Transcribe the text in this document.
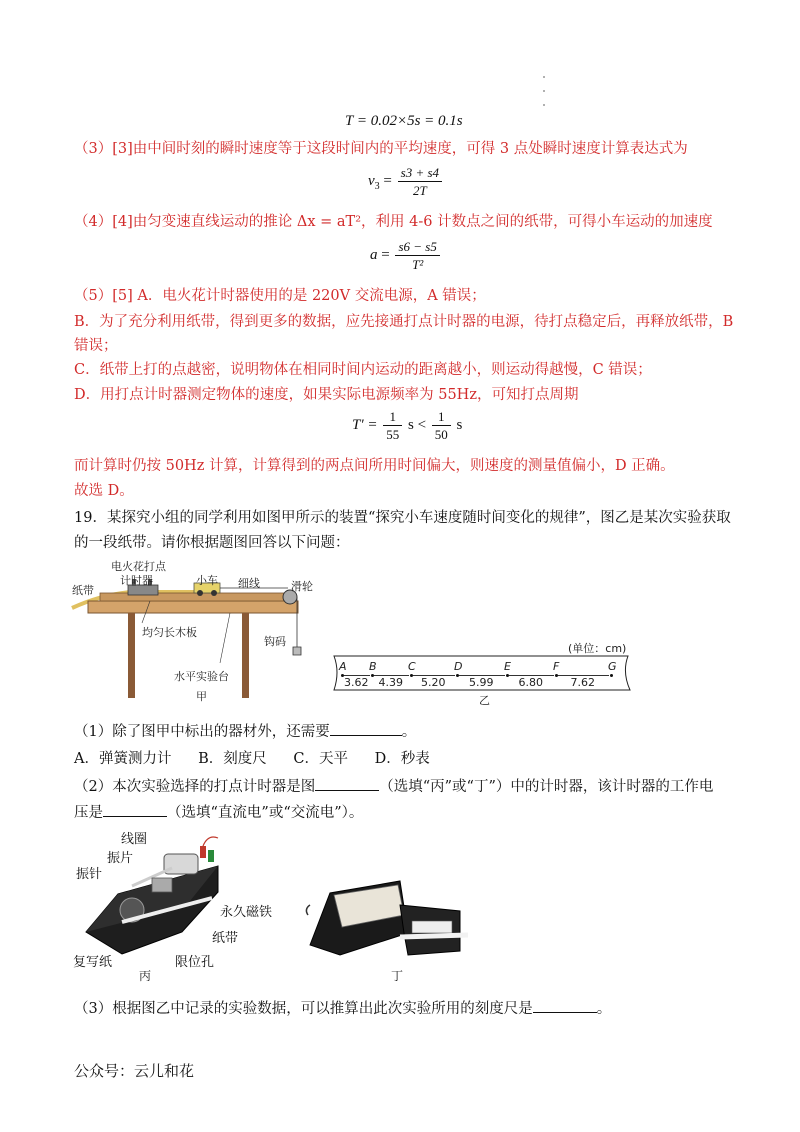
T = 0.02×5s = 0.1s
（3）[3]由中间时刻的瞬时速度等于这段时间内的平均速度，可得 3 点处瞬时速度计算表达式为
$v_3 = \frac{s3 + s4}{2T}$
（4）[4]由匀变速直线运动的推论 Δx = aT²，利用 4-6 计数点之间的纸带，可得小车运动的加速度
$a = \frac{s6 - s5}{\text{T²}}$
（5）[5] A．电火花计时器使用的是 220V 交流电源，A 错误；
B．为了充分利用纸带，得到更多的数据，应先接通打点计时器的电源，待打点稳定后，再释放纸带，B
错误；
C．纸带上打的点越密，说明物体在相同时间内运动的距离越小，则运动得越慢，C 错误；
D．用打点计时器测定物体的速度，如果实际电源频率为 55Hz，可知打点周期
$T' = \frac{1}{55}$ $s < \frac{1}{50}$ s
而计算时仍按 50Hz 计算，计算得到的两点间所用时间偏大，则速度的测量值偏小，D 正确。
故选 D。
19．某探究小组的同学利用如图甲所示的装置“探究小车速度随时间变化的规律”，图乙是某次实验获取
的一段纸带。请你根据题图回答以下问题：
纸带
电火花打点
计时器	小车 细线	滑轮
钩码
均匀长木板
水平实验台
甲
(单位：cm)
A B	C	D	E	F	G
3.62 4.39 5.20 5.99 6.80	7.62
乙
（1）除了图甲中标出的器材外，还需要	。
A．弹簧测力计 B．刻度尺 C．天平 D．秒表
（2）本次实验选择的打点计时器是图	（选填“丙”或“丁”）中的计时器，该计时器的工作电
压是	（选填“直流电”或“交流电”）。
线圈
振片
振针
永久磁铁
纸带
复写纸	限位孔
丙	丁
（3）根据图乙中记录的实验数据，可以推算出此次实验所用的刻度尺是	。
公众号：云儿和花
